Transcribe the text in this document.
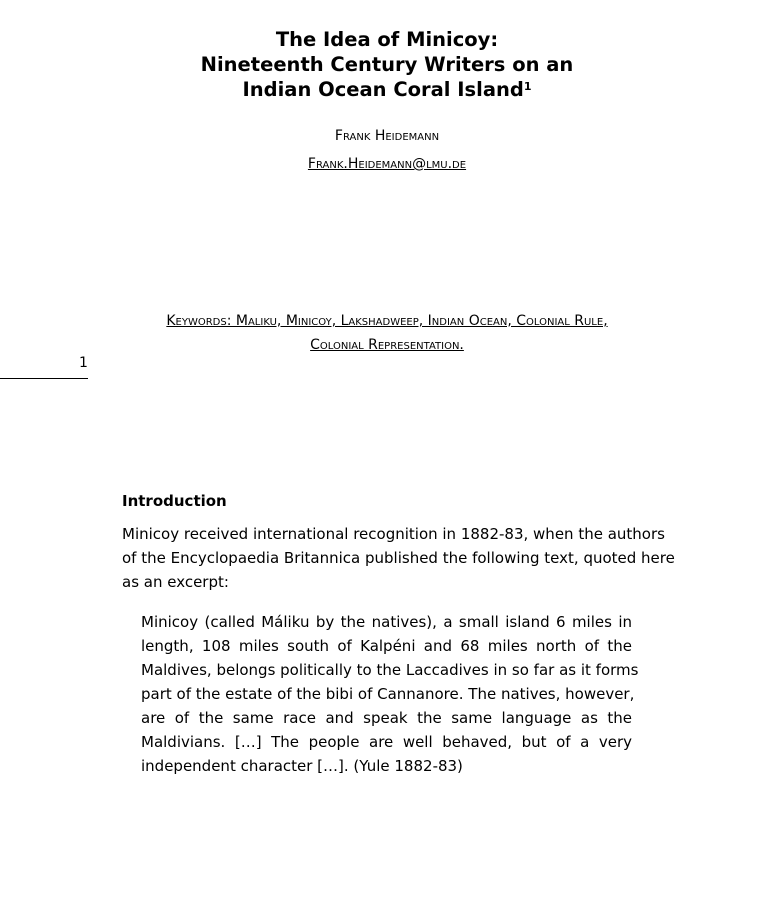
The Idea of Minicoy:
Nineteenth Century Writers on an
Indian Ocean Coral Island$^1$
Frank Heidemann
Frank.Heidemann@lmu.de
Keywords: Maliku, Minicoy, Lakshadweep, Indian Ocean, Colonial Rule,
Colonial Representation.
1
Introduction
Minicoy received international recognition in 1882-83, when the authors
of the Encyclopaedia Britannica published the following text, quoted here
as an excerpt:
Minicoy (called Máliku by the natives), a small island 6 miles in
length, 108 miles south of Kalpéni and 68 miles north of the
Maldives, belongs politically to the Laccadives in so far as it forms
part of the estate of the bibi of Cannanore. The natives, however,
are of the same race and speak the same language as the
Maldivians. […] The people are well behaved, but of a very
independent character […]. (Yule 1882-83)
